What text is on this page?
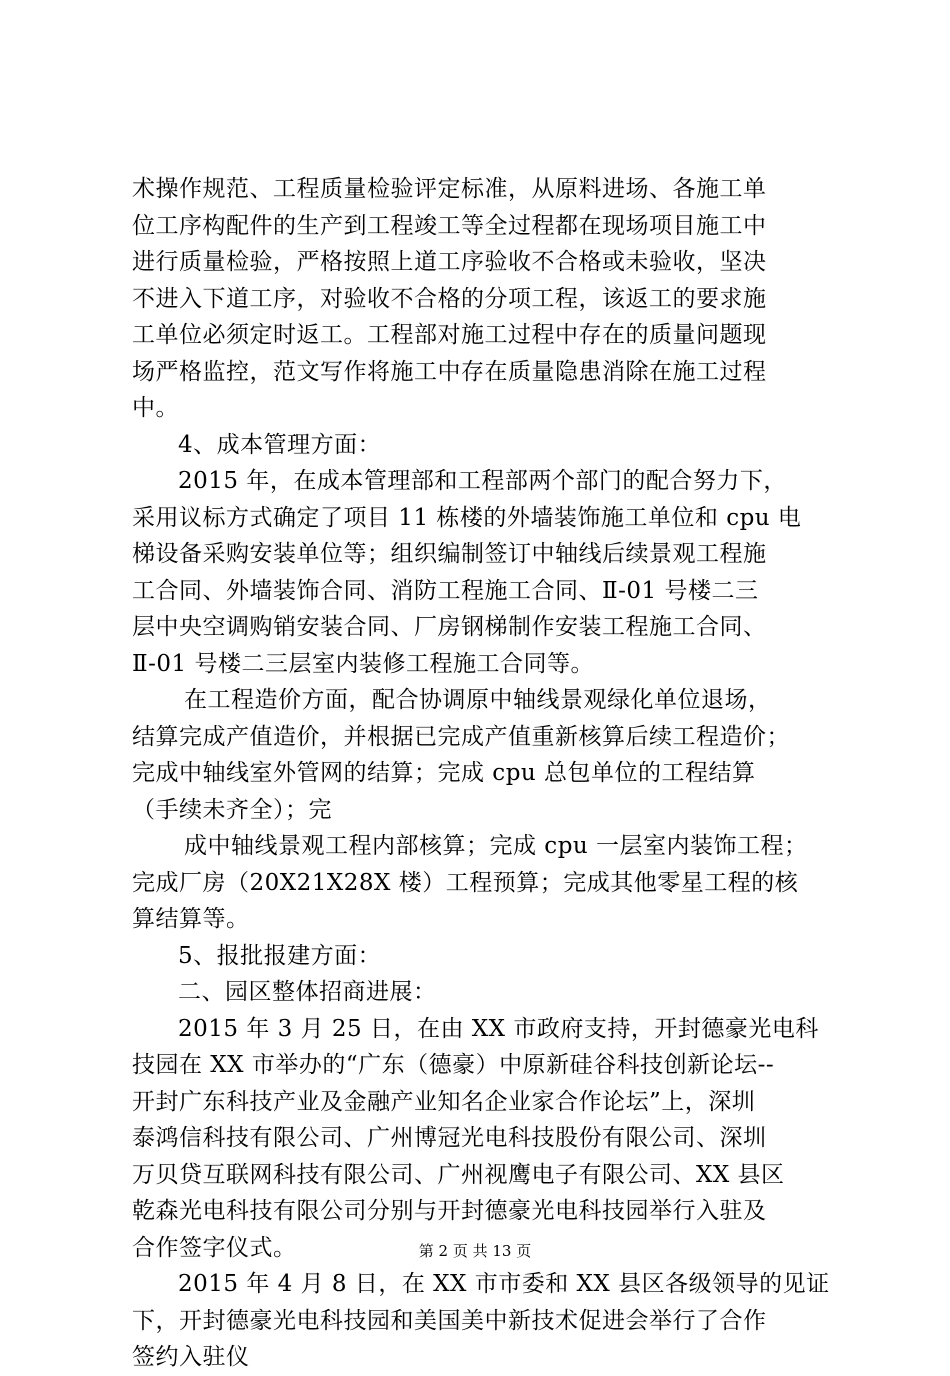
术操作规范、工程质量检验评定标准，从原料进场、各施工单
位工序构配件的生产到工程竣工等全过程都在现场项目施工中
进行质量检验，严格按照上道工序验收不合格或未验收，坚决
不进入下道工序，对验收不合格的分项工程，该返工的要求施
工单位必须定时返工。工程部对施工过程中存在的质量问题现
场严格监控，范文写作将施工中存在质量隐患消除在施工过程
中。
4、成本管理方面：
2015 年，在成本管理部和工程部两个部门的配合努力下，
采用议标方式确定了项目 11 栋楼的外墙装饰施工单位和 cpu 电
梯设备采购安装单位等；组织编制签订中轴线后续景观工程施
工合同、外墙装饰合同、消防工程施工合同、Ⅱ-01 号楼二三
层中央空调购销安装合同、厂房钢梯制作安装工程施工合同、
Ⅱ-01 号楼二三层室内装修工程施工合同等。
在工程造价方面，配合协调原中轴线景观绿化单位退场，
结算完成产值造价，并根据已完成产值重新核算后续工程造价；
完成中轴线室外管网的结算；完成 cpu 总包单位的工程结算
（手续未齐全）；完
成中轴线景观工程内部核算；完成 cpu 一层室内装饰工程；
完成厂房（20X21X28X 楼）工程预算；完成其他零星工程的核
算结算等。
5、报批报建方面：
二、园区整体招商进展：
2015 年 3 月 25 日，在由 XX 市政府支持，开封德豪光电科
技园在 XX 市举办的“广东（德豪）中原新硅谷科技创新论坛--
开封广东科技产业及金融产业知名企业家合作论坛”上，深圳
泰鸿信科技有限公司、广州博冠光电科技股份有限公司、深圳
万贝贷互联网科技有限公司、广州视鹰电子有限公司、XX 县区
乾森光电科技有限公司分别与开封德豪光电科技园举行入驻及
合作签字仪式。
2015 年 4 月 8 日，在 XX 市市委和 XX 县区各级领导的见证
下，开封德豪光电科技园和美国美中新技术促进会举行了合作
签约入驻仪
第 2 页 共 13 页
